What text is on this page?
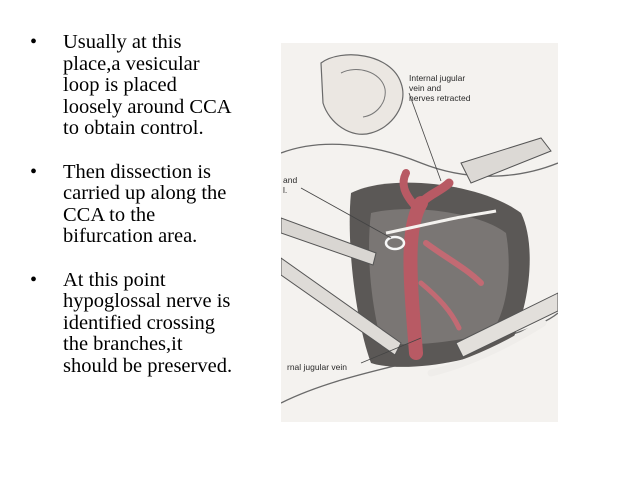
• Usually at this
place,a vesicular
loop is placed
loosely around CCA
to obtain control.
• Then dissection is
carried up along the
CCA to the
bifurcation area.
• At this point
hypoglossal nerve is
identified crossing
the branches,it
should be preserved.
Internal jugular
vein and
nerves retracted
and
l.
rnal jugular vein
